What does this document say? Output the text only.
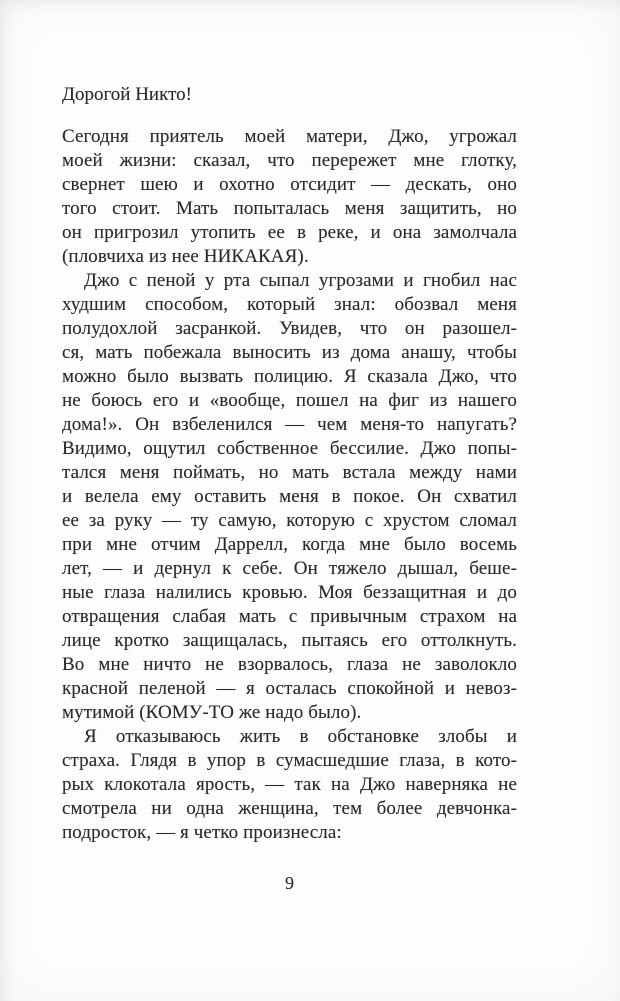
Дорогой Никто!
Сегодня приятель моей матери, Джо, угрожал
моей жизни: сказал, что перережет мне глотку,
свернет шею и охотно отсидит — дескать, оно
того стоит. Мать попыталась меня защитить, но
он пригрозил утопить ее в реке, и она замолчала
(пловчиха из нее НИКАКАЯ).
Джо с пеной у рта сыпал угрозами и гнобил нас
худшим способом, который знал: обозвал меня
полудохлой засранкой. Увидев, что он разошел-
ся, мать побежала выносить из дома анашу, чтобы
можно было вызвать полицию. Я сказала Джо, что
не боюсь его и «вообще, пошел на фиг из нашего
дома!». Он взбеленился — чем меня-то напугать?
Видимо, ощутил собственное бессилие. Джо попы-
тался меня поймать, но мать встала между нами
и велела ему оставить меня в покое. Он схватил
ее за руку — ту самую, которую с хрустом сломал
при мне отчим Даррелл, когда мне было восемь
лет, — и дернул к себе. Он тяжело дышал, беше-
ные глаза налились кровью. Моя беззащитная и до
отвращения слабая мать с привычным страхом на
лице кротко защищалась, пытаясь его оттолкнуть.
Во мне ничто не взорвалось, глаза не заволокло
красной пеленой — я осталась спокойной и невоз-
мутимой (КОМУ-ТО же надо было).
Я отказываюсь жить в обстановке злобы и
страха. Глядя в упор в сумасшедшие глаза, в кото-
рых клокотала ярость, — так на Джо наверняка не
смотрела ни одна женщина, тем более девчонка-
подросток, — я четко произнесла:
9
